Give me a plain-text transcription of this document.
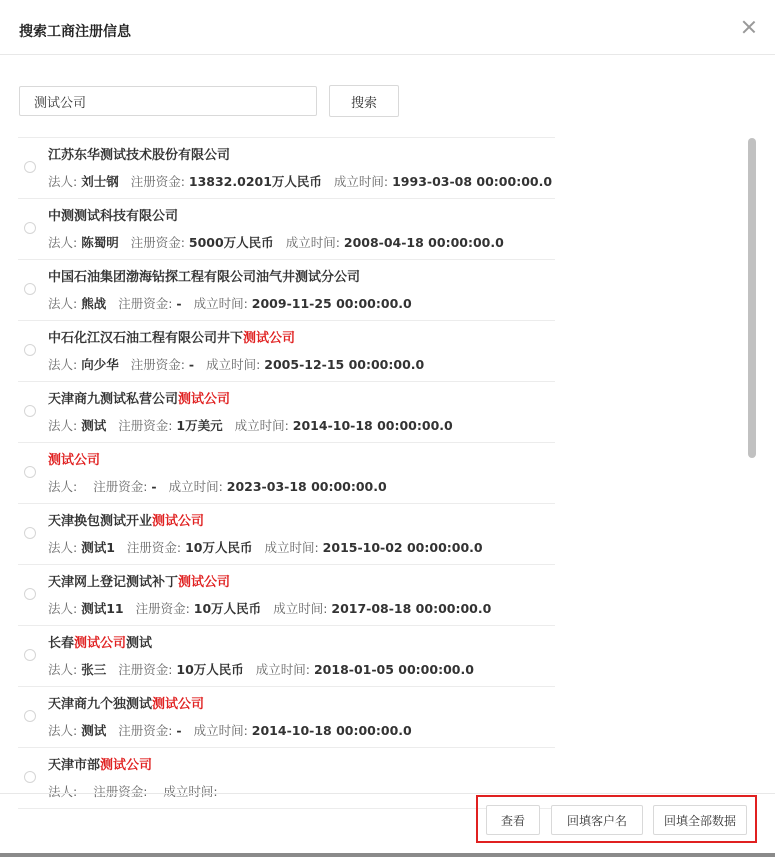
搜索工商注册信息
测试公司
搜索
江苏东华测试技术股份有限公司
法人: 刘士钢 注册资金: 13832.0201万人民币 成立时间: 1993-03-08 00:00:00.0
中测测试科技有限公司
法人: 陈蜀明 注册资金: 5000万人民币 成立时间: 2008-04-18 00:00:00.0
中国石油集团渤海钻探工程有限公司油气井测试分公司
法人: 熊战 注册资金: - 成立时间: 2009-11-25 00:00:00.0
中石化江汉石油工程有限公司井下测试公司
法人: 向少华 注册资金: - 成立时间: 2005-12-15 00:00:00.0
天津商九测试私营公司测试公司
法人: 测试 注册资金: 1万美元 成立时间: 2014-10-18 00:00:00.0
测试公司
法人: 注册资金: - 成立时间: 2023-03-18 00:00:00.0
天津换包测试开业测试公司
法人: 测试1 注册资金: 10万人民币 成立时间: 2015-10-02 00:00:00.0
天津网上登记测试补丁测试公司
法人: 测试11 注册资金: 10万人民币 成立时间: 2017-08-18 00:00:00.0
长春测试公司测试
法人: 张三 注册资金: 10万人民币 成立时间: 2018-01-05 00:00:00.0
天津商九个独测试测试公司
法人: 测试 注册资金: - 成立时间: 2014-10-18 00:00:00.0
天津市部测试公司
法人: 注册资金: 成立时间:
查看	回填客户名	回填全部数据
